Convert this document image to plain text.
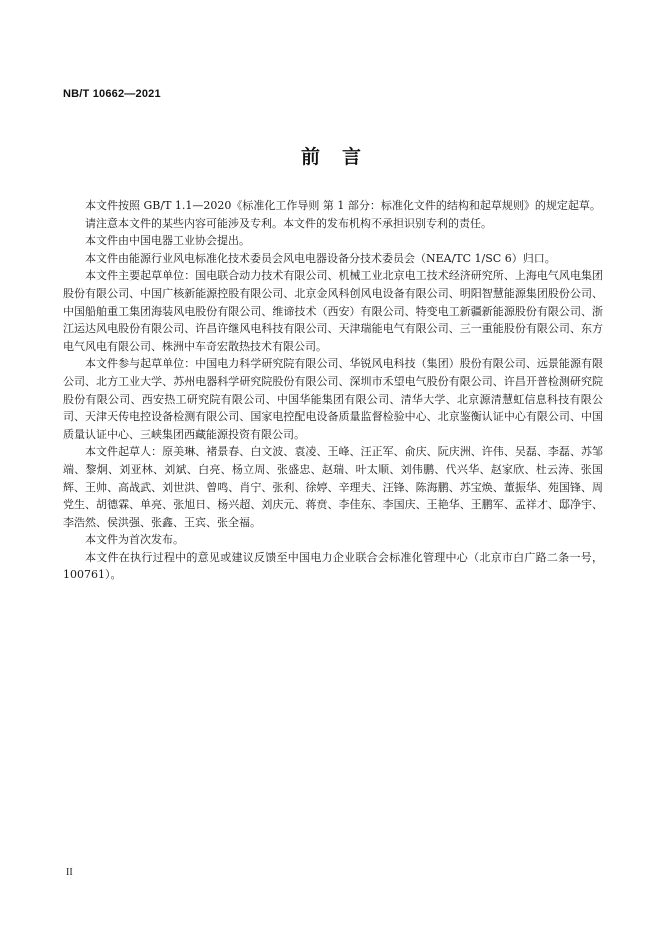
NB/T 10662—2021
前言

本文件按照 GB/T 1.1—2020《标准化工作导则 第 1 部分：标准化文件的结构和起草规则》的规定起草。

请注意本文件的某些内容可能涉及专利。本文件的发布机构不承担识别专利的责任。

本文件由中国电器工业协会提出。

本文件由能源行业风电标准化技术委员会风电电器设备分技术委员会（NEA/TC 1/SC 6）归口。

本文件主要起草单位：国电联合动力技术有限公司、机械工业北京电工技术经济研究所、上海电气风电集团股份有限公司、中国广核新能源控股有限公司、北京金风科创风电设备有限公司、明阳智慧能源集团股份公司、中国船舶重工集团海装风电股份有限公司、维谛技术（西安）有限公司、特变电工新疆新能源股份有限公司、浙江运达风电股份有限公司、许昌许继风电科技有限公司、天津瑞能电气有限公司、三一重能股份有限公司、东方电气风电有限公司、株洲中车奇宏散热技术有限公司。

本文件参与起草单位：中国电力科学研究院有限公司、华锐风电科技（集团）股份有限公司、远景能源有限公司、北方工业大学、苏州电器科学研究院股份有限公司、深圳市禾望电气股份有限公司、许昌开普检测研究院股份有限公司、西安热工研究院有限公司、中国华能集团有限公司、清华大学、北京源清慧虹信息科技有限公司、天津天传电控设备检测有限公司、国家电控配电设备质量监督检验中心、北京鉴衡认证中心有限公司、中国质量认证中心、三峡集团西藏能源投资有限公司。

本文件起草人：原美琳、褚景春、白文波、袁凌、王峰、汪正军、俞庆、阮庆洲、许伟、吴磊、李磊、苏邹端、黎炯、刘亚林、刘斌、白亮、杨立周、张盛忠、赵瑞、叶太顺、刘伟鹏、代兴华、赵家欣、杜云涛、张国辉、王帅、高战武、刘世洪、曾鸣、肖宁、张利、徐婷、辛理夫、汪锋、陈海鹏、苏宝焕、董振华、苑国锋、周党生、胡德霖、单亮、张旭日、杨兴超、刘庆元、蒋贲、李佳东、李国庆、王艳华、王鹏军、孟祥才、邸净宇、李浩然、侯洪强、张鑫、王宾、张全福。

本文件为首次发布。

本文件在执行过程中的意见或建议反馈至中国电力企业联合会标准化管理中心（北京市白广路二条一号，100761）。

II
